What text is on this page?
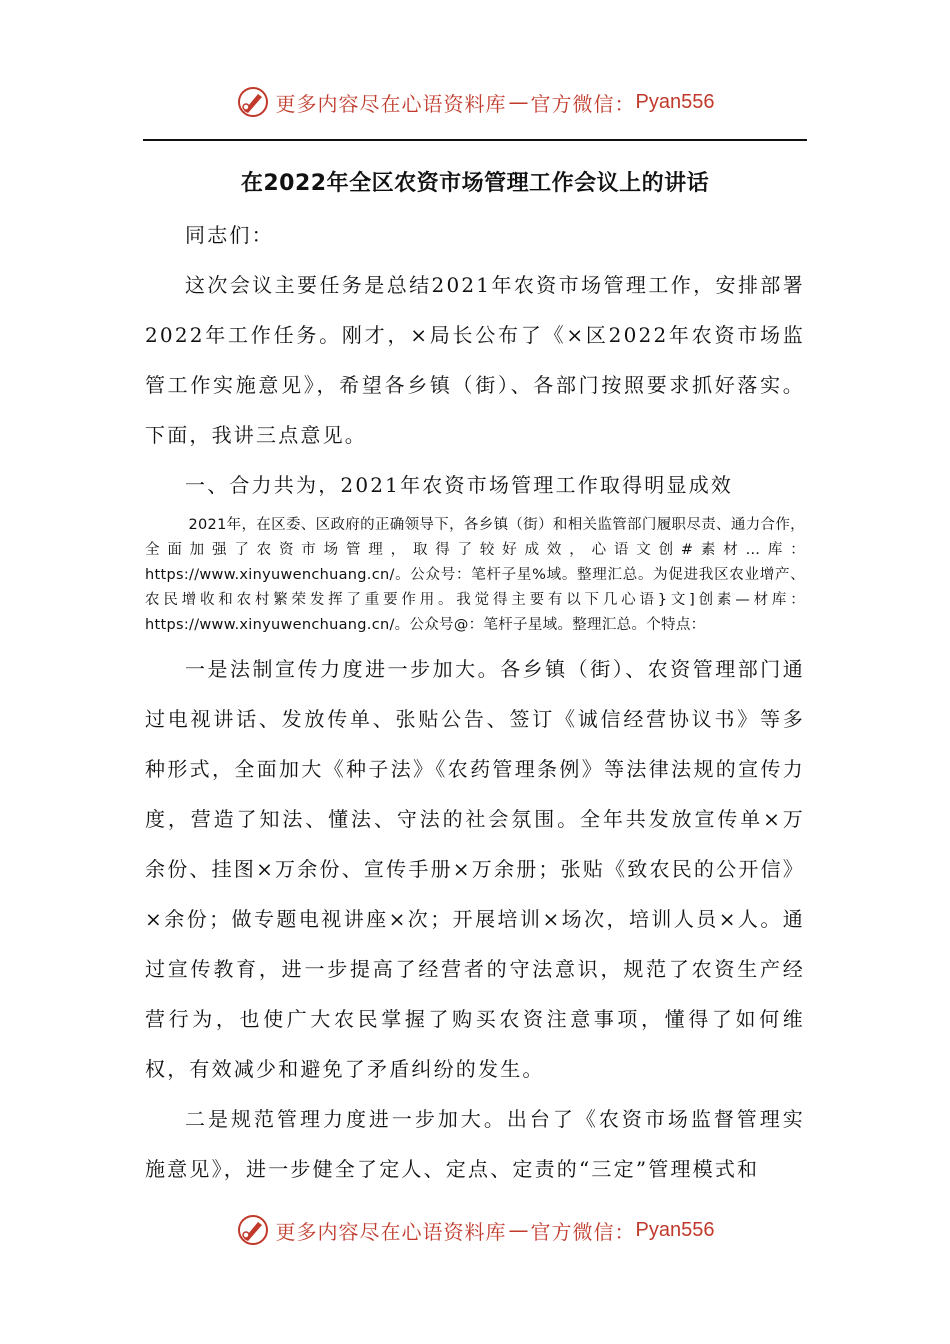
更多内容尽在心语资料库 — 官方微信： Pyan556
在2022年全区农资市场管理工作会议上的讲话

同志们：

这次会议主要任务是总结2021年农资市场管理工作，安排部署2022年工作任务。刚才，×局长公布了《×区2022年农资市场监管工作实施意见》，希望各乡镇（街）、各部门按照要求抓好落实。下面，我讲三点意见。

一、合力共为，2021年农资市场管理工作取得明显成效

2021年，在区委、区政府的正确领导下，各乡镇（街）和相关监管部门履职尽责、通力合作，全面加强了农资市场管理，取得了较好成效，心语文创#素材…库：https://www.xinyuwenchuang.cn/。公众号：笔杆子星%域。整理汇总。为促进我区农业增产、农民增收和农村繁荣发挥了重要作用。我觉得主要有以下几心语}文]创素—材库：https://www.xinyuwenchuang.cn/。公众号@：笔杆子星域。整理汇总。个特点：

一是法制宣传力度进一步加大。各乡镇（街）、农资管理部门通过电视讲话、发放传单、张贴公告、签订《诚信经营协议书》等多种形式，全面加大《种子法》《农药管理条例》等法律法规的宣传力度，营造了知法、懂法、守法的社会氛围。全年共发放宣传单×万余份、挂图×万余份、宣传手册×万余册；张贴《致农民的公开信》×余份；做专题电视讲座×次；开展培训×场次，培训人员×人。通过宣传教育，进一步提高了经营者的守法意识，规范了农资生产经营行为，也使广大农民掌握了购买农资注意事项，懂得了如何维权，有效减少和避免了矛盾纠纷的发生。

二是规范管理力度进一步加大。出台了《农资市场监督管理实施意见》，进一步健全了定人、定点、定责的“三定”管理模式和

更多内容尽在心语资料库 — 官方微信： Pyan556
